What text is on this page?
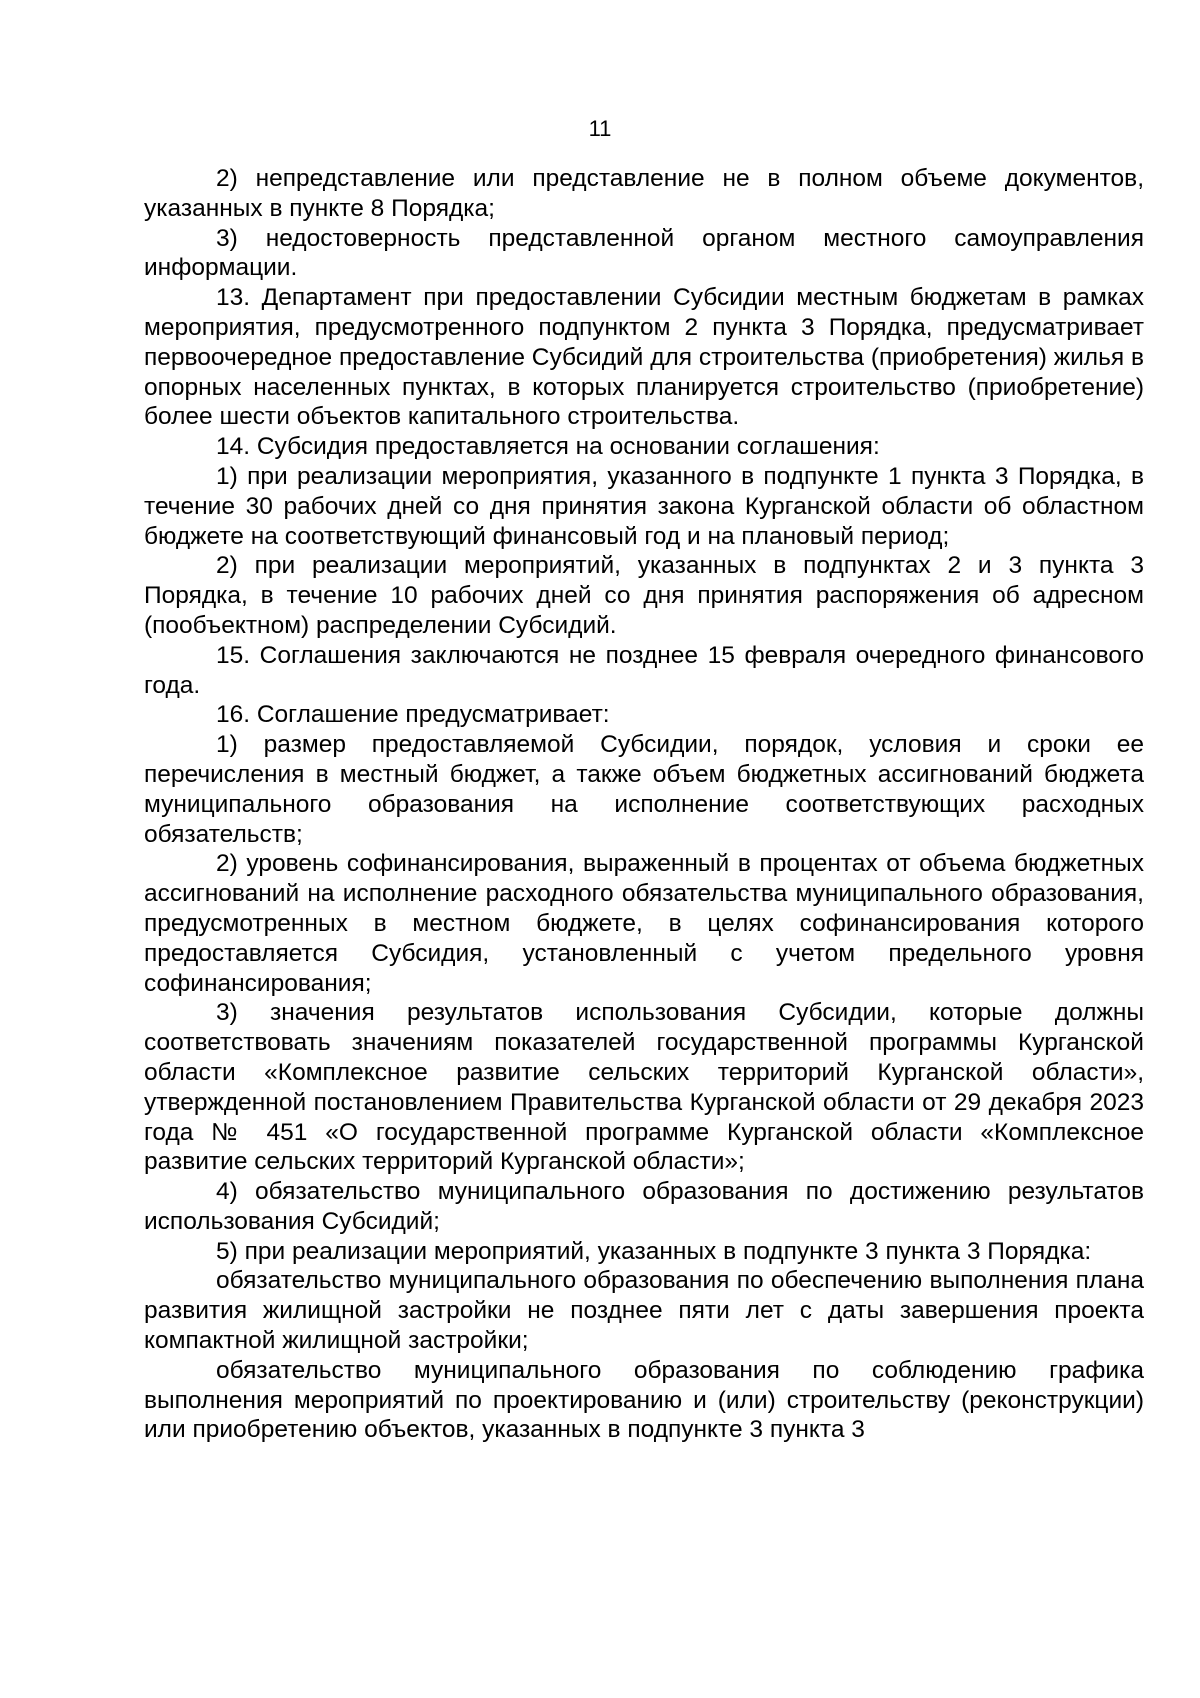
11

2) непредставление или представление не в полном объеме документов, указанных в пункте 8 Порядка;

3) недостоверность представленной органом местного самоуправления информации.

13. Департамент при предоставлении Субсидии местным бюджетам в рамках мероприятия, предусмотренного подпунктом 2 пункта 3 Порядка, предусматривает первоочередное предоставление Субсидий для строительства (приобретения) жилья в опорных населенных пунктах, в которых планируется строительство (приобретение) более шести объектов капитального строительства.

14. Субсидия предоставляется на основании соглашения:

1) при реализации мероприятия, указанного в подпункте 1 пункта 3 Порядка, в течение 30 рабочих дней со дня принятия закона Курганской области об областном бюджете на соответствующий финансовый год и на плановый период;

2) при реализации мероприятий, указанных в подпунктах 2 и 3 пункта 3 Порядка, в течение 10 рабочих дней со дня принятия распоряжения об адресном (пообъектном) распределении Субсидий.

15. Соглашения заключаются не позднее 15 февраля очередного финансового года.

16. Соглашение предусматривает:

1) размер предоставляемой Субсидии, порядок, условия и сроки ее перечисления в местный бюджет, а также объем бюджетных ассигнований бюджета муниципального образования на исполнение соответствующих расходных обязательств;

2) уровень софинансирования, выраженный в процентах от объема бюджетных ассигнований на исполнение расходного обязательства муниципального образования, предусмотренных в местном бюджете, в целях софинансирования которого предоставляется Субсидия, установленный с учетом предельного уровня софинансирования;

3) значения результатов использования Субсидии, которые должны соответствовать значениям показателей государственной программы Курганской области «Комплексное развитие сельских территорий Курганской области», утвержденной постановлением Правительства Курганской области от 29 декабря 2023 года № 451 «О государственной программе Курганской области «Комплексное развитие сельских территорий Курганской области»;

4) обязательство муниципального образования по достижению результатов использования Субсидий;

5) при реализации мероприятий, указанных в подпункте 3 пункта 3 Порядка:

обязательство муниципального образования по обеспечению выполнения плана развития жилищной застройки не позднее пяти лет с даты завершения проекта компактной жилищной застройки;

обязательство муниципального образования по соблюдению графика выполнения мероприятий по проектированию и (или) строительству (реконструкции) или приобретению объектов, указанных в подпункте 3 пункта 3
